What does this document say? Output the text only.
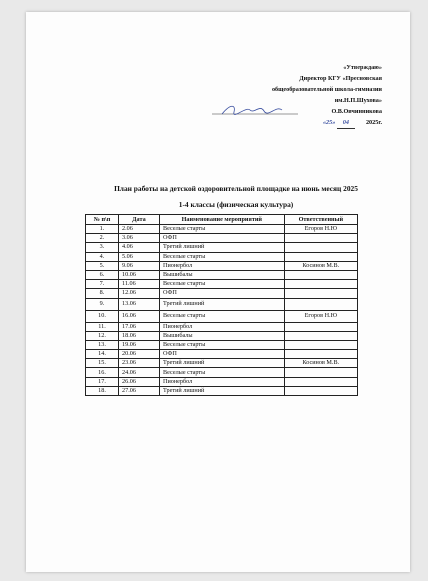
«Утверждаю»
Директор КГУ «Пресновская
общеобразовательной школа-гимназии
им.Н.П.Шухова»
О.В.Овчинникова
«25» 04	2025г.
План работы на детской оздоровительной площадке на июнь месяц 2025
1-4 классы (физическая культура)
№ п\п	Дата	Наименование мероприятий	Ответственный
1.	2.06	Веселые старты	Егоров Н.Ю
2.	3.06	ОФП	
3.	4.06	Третий лишний	
4.	5.06	Веселые старты	
5.	9.06	Пионербол	Косинов М.В.
6.	10.06	Вышибалы	
7.	11.06	Веселые старты	
8.	12.06	ОФП	
9.	13.06	Третий лишний	
10.	16.06	Веселые старты	Егоров Н.Ю
11.	17.06	Пионербол	
12.	18.06	Вышибалы	
13.	19.06	Веселые старты	
14.	20.06	ОФП	
15.	23.06	Третий лишний	Косинов М.В.
16.	24.06	Веселые старты	
17.	26.06	Пионербол	
18.	27.06	Третий лишний	
